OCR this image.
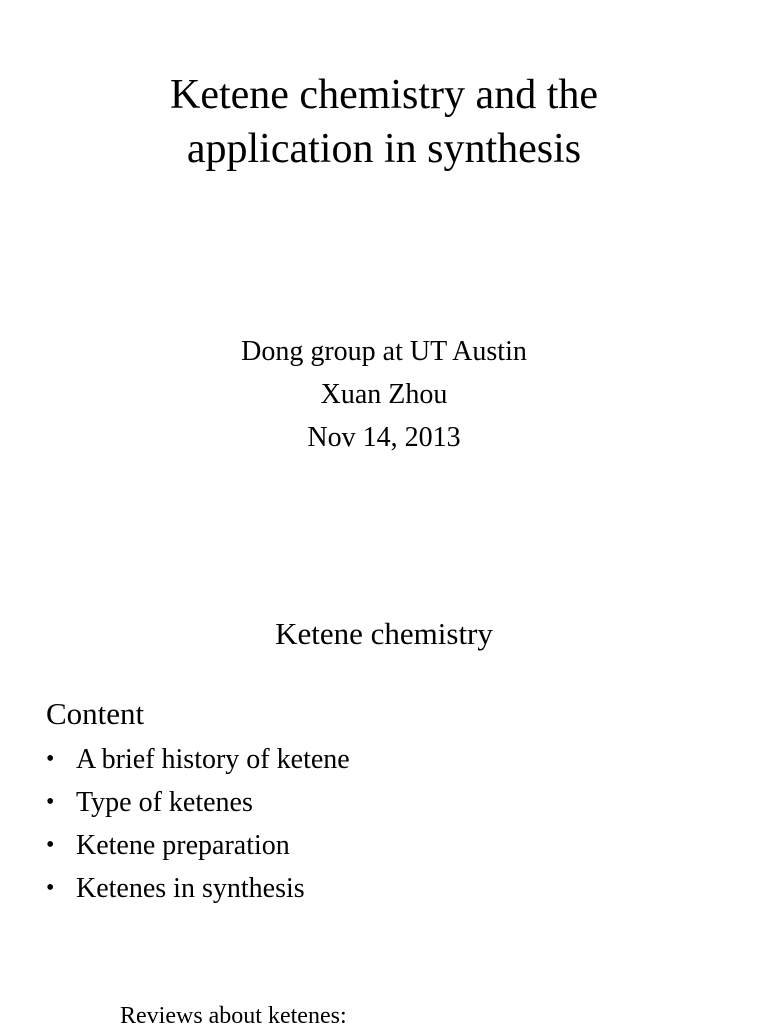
Ketene chemistry and the
application in synthesis
Dong group at UT Austin
Xuan Zhou
Nov 14, 2013
Ketene chemistry
Content
• A brief history of ketene
• Type of ketenes
• Ketene preparation
• Ketenes in synthesis
Reviews about ketenes:
